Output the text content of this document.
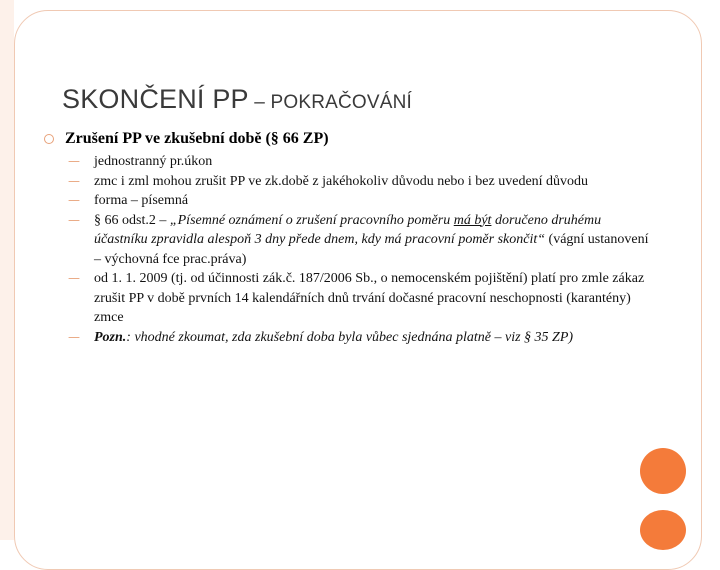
SKONČENÍ PP – POKRAČOVÁNÍ
Zrušení PP ve zkušební době (§ 66 ZP)
—
jednostranný pr.úkon
—
zmc i zml mohou zrušit PP ve zk.době z jakéhokoliv důvodu nebo i bez uvedení důvodu
—
forma – písemná
—
§ 66 odst.2 – „Písemné oznámení o zrušení pracovního poměru má být doručeno druhému účastníku zpravidla alespoň 3 dny přede dnem, kdy má pracovní poměr skončit“ (vágní ustanovení – výchovná fce prac.práva)
—
od 1. 1. 2009 (tj. od účinnosti zák.č. 187/2006 Sb., o nemocenském pojištění) platí pro zmle zákaz zrušit PP v době prvních 14 kalendářních dnů trvání dočasné pracovní neschopnosti (karantény) zmce
—
Pozn.: vhodné zkoumat, zda zkušební doba byla vůbec sjednána platně – viz § 35 ZP)
